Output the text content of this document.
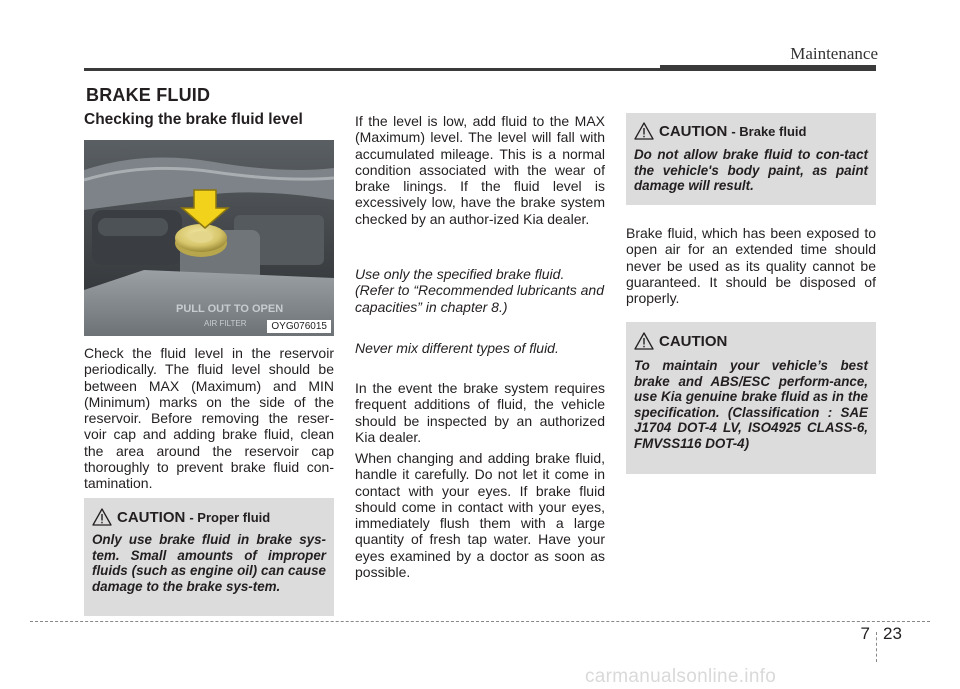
Maintenance
BRAKE FLUID
Checking the brake fluid level
PULL OUT TO OPEN
AIR FILTER	OYG076015
Check the fluid level in the reservoir periodically. The fluid level should be between MAX (Maximum) and MIN (Minimum) marks on the side of the reservoir. Before removing the reser-voir cap and adding brake fluid, clean the area around the reservoir cap thoroughly to prevent brake fluid con-tamination.
CAUTION - Proper fluid
Only use brake fluid in brake sys-tem. Small amounts of improper fluids (such as engine oil) can cause damage to the brake sys-tem.
If the level is low, add fluid to the MAX (Maximum) level. The level will fall with accumulated mileage. This is a normal condition associated with the wear of brake linings. If the fluid level is excessively low, have the brake system checked by an author-ized Kia dealer.
Use only the specified brake fluid. (Refer to “Recommended lubricants and capacities” in chapter 8.)
Never mix different types of fluid.
In the event the brake system requires frequent additions of fluid, the vehicle should be inspected by an authorized Kia dealer.
When changing and adding brake fluid, handle it carefully. Do not let it come in contact with your eyes. If brake fluid should come in contact with your eyes, immediately flush them with a large quantity of fresh tap water. Have your eyes examined by a doctor as soon as possible.
CAUTION - Brake fluid
Do not allow brake fluid to con-tact the vehicle's body paint, as paint damage will result.
Brake fluid, which has been exposed to open air for an extended time should never be used as its quality cannot be guaranteed. It should be disposed of properly.
CAUTION
To maintain your vehicle’s best brake and ABS/ESC perform-ance, use Kia genuine brake fluid as in the specification. (Classification : SAE J1704 DOT-4 LV, ISO4925 CLASS-6, FMVSS116 DOT-4)
7 23
carmanualsonline.info
